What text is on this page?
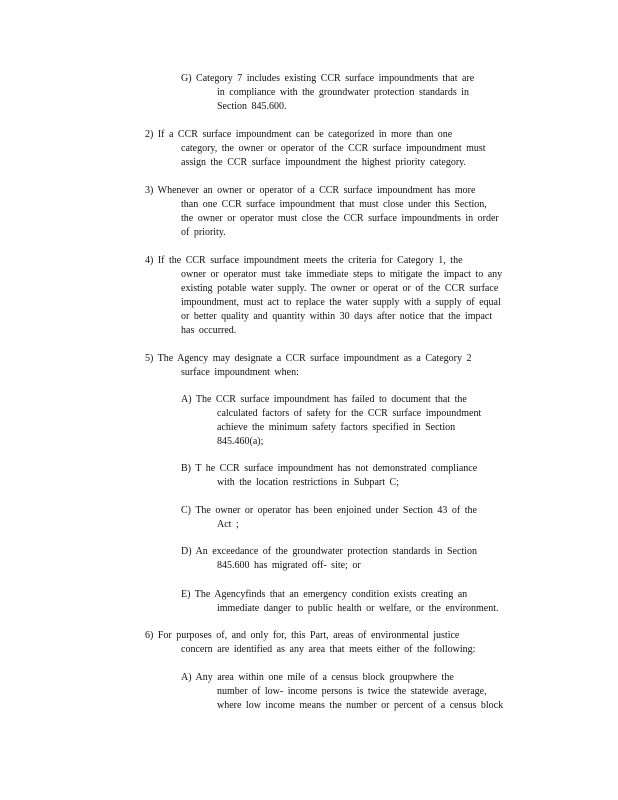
G) Category 7 includes existing CCR surface impoundments that are
in compliance with the groundwater protection standards in
Section 845.600.

2) If a CCR surface impoundment can be categorized in more than one
category, the owner or operator of the CCR surface impoundment must
assign the CCR surface impoundment the highest priority category.

3) Whenever an owner or operator of a CCR surface impoundment has more
than one CCR surface impoundment that must close under this Section,
the owner or operator must close the CCR surface impoundments in order
of priority.

4) If the CCR surface impoundment meets the criteria for Category 1, the
owner or operator must take immediate steps to mitigate the impact to any
existing potable water supply. The owner or operat or of the CCR surface
impoundment, must act to replace the water supply with a supply of equal
or better quality and quantity within 30 days after notice that the impact
has occurred.

5) The Agency may designate a CCR surface impoundment as a Category 2
surface impoundment when:

A) The CCR surface impoundment has failed to document that the
calculated factors of safety for the CCR surface impoundment
achieve the minimum safety factors specified in Section
845.460(a);

B) T he CCR surface impoundment has not demonstrated compliance
with the location restrictions in Subpart C;

C) The owner or operator has been enjoined under Section 43 of the
Act ;

D) An exceedance of the groundwater protection standards in Section
845.600 has migrated off- site; or

E) The Agencyfinds that an emergency condition exists creating an
immediate danger to public health or welfare, or the environment.

6) For purposes of, and only for, this Part, areas of environmental justice
concern are identified as any area that meets either of the following:

A) Any area within one mile of a census block groupwhere the
number of low- income persons is twice the statewide average,
where low income means the number or percent of a census block
